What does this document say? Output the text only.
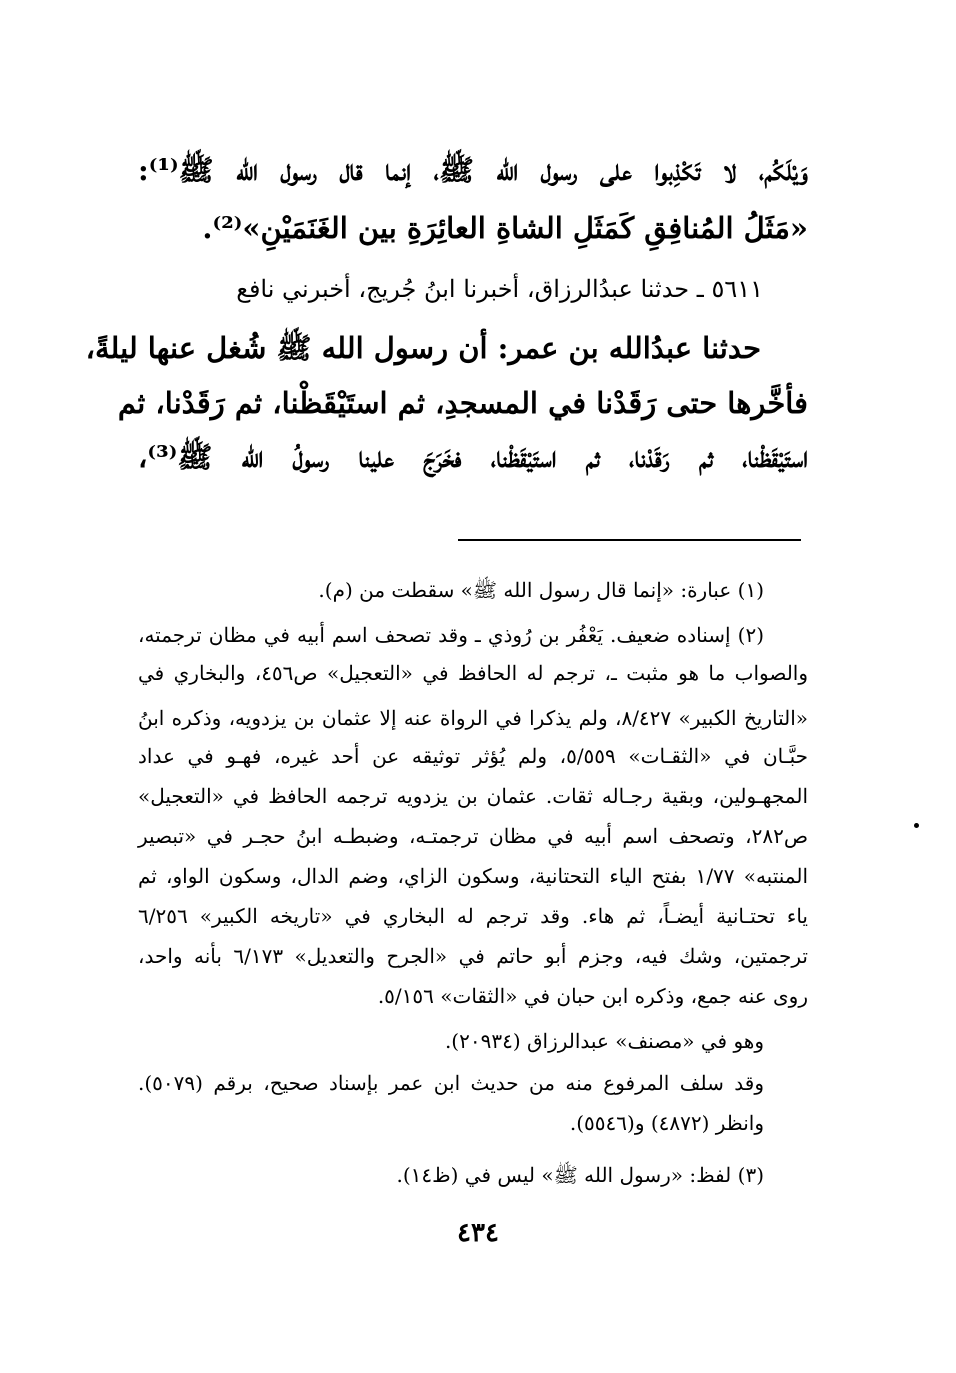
وَيْلَكُم، لا تَكْذِبوا على رسول الله ﷺ، إنما قال رسول الله ﷺ⁽¹⁾:
«مَثَلُ المُنافِقِ كَمَثَلِ الشاةِ العائِرَةِ بين الغَنَمَيْنِ»⁽²⁾.
٥٦١١ ـ حدثنا عبدُالرزاق، أخبرنا ابنُ جُريج، أخبرني نافع
حدثنا عبدُالله بن عمر: أن رسول الله ﷺ شُغل عنها ليلةً،
فأخَّرها حتى رَقَدْنا في المسجدِ، ثم استَيْقَظْنا، ثم رَقَدْنا، ثم
استَيْقَظْنا، ثم رَقَدْنا، ثم استَيْقَظْنا، فخَرَجَ علينا رسولُ الله ﷺ⁽³⁾،
(١) عبارة: «إنما قال رسول الله ﷺ» سقطت من (م).
(٢) إسناده ضعيف. يَعْفُر بن رُوذي ـ وقد تصحف اسم أبيه في مظان ترجمته،
والصواب ما هو مثبت ـ، ترجم له الحافظ في «التعجيل» ص٤٥٦، والبخاري في
«التاريخ الكبير» ٨/٤٢٧، ولم يذكرا في الرواة عنه إلا عثمان بن يزدويه، وذكره ابنُ
حبَّـان في «الثقـات» ٥/٥٥٩، ولم يُؤثر توثيقه عن أحد غيره، فهـو في عداد
المجهـولين، وبقية رجـاله ثقات. عثمان بن يزدويه ترجمه الحافظ في «التعجيل»
ص٢٨٢، وتصحف اسم أبيه في مظان ترجمتـه، وضبطـه ابنُ حجـر في «تبصير
المنتبه» ١/٧٧ بفتح الياء التحتانية، وسكون الزاي، وضم الدال، وسكون الواو، ثم
ياء تحتـانية أيضـاً، ثم هاء. وقد ترجم له البخاري في «تاريخه الكبير» ٦/٢٥٦
ترجمتين، وشك فيه، وجزم أبو حاتم في «الجرح والتعديل» ٦/١٧٣ بأنه واحد،
روى عنه جمع، وذكره ابن حبان في «الثقات» ٥/١٥٦.
وهو في «مصنف» عبدالرزاق (٢٠٩٣٤).
وقد سلف المرفوع منه من حديث ابن عمر بإسناد صحيح، برقم (٥٠٧٩).
وانظر (٤٨٧٢) و(٥٥٤٦).
(٣) لفظ: «رسول الله ﷺ» ليس في (ظ١٤).
٤٣٤
